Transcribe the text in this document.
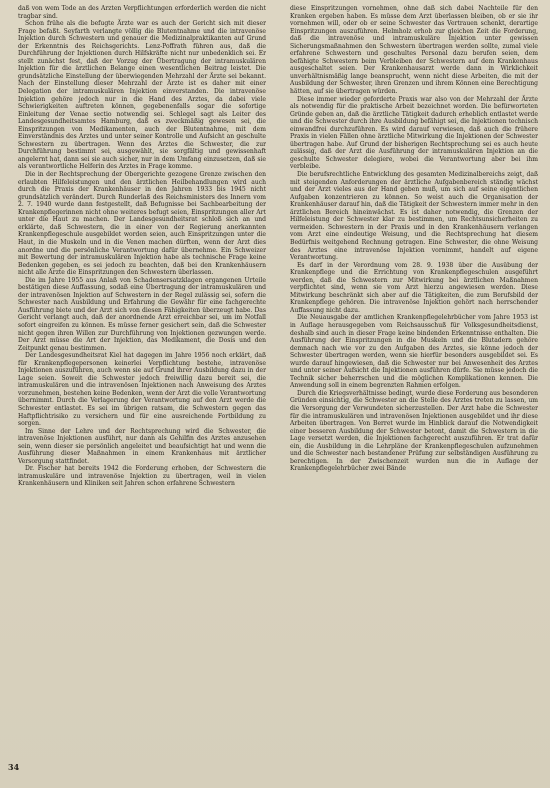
daß von wem Tode an des Ärzten Verpflichtungen erforderlich werden die nicht tragbar sind.

Schon frühe als die befugte Ärzte war es auch der Gericht sich mit dieser Frage befaßt. Seyfarth verlangte völlig die Blutentnahme und die intravenöse Injektion durch Schwestern und genauer die Medizinalpraktikanten auf Grund der Erkenntnis des Reichsgerichts. Lenz-Poffrath führen aus, daß die Durchführung der Injektionen durch Hilfskräfte nicht nur unbedenklich sei. Er stellt zunächst fest, daß der Vorzug der Übertragung der intramuskulären Injektion für die ärztlichen Belange einen wesentlichen Beitrag leistet. Die grundsätzliche Einstellung der überwiegenden Mehrzahl der Ärzte sei bekannt. Nach der Einstellung dieser Mehrzahl der Ärzte ist es daher mit einer Delegation der intramuskulären Injektion einverstanden. Die intravenöse Injektion gehöre jedoch nur in die Hand des Arztes, da dabei viele Schwierigkeiten auftreten können, gegebenenfalls sogar die sofortige Einleitung der Venae sectio notwendig sei. Schlegel sagt als Leiter des Landesgesundheitsamtes Hamburg, daß es zweckmäßig gewesen sei, die Einspritzungen von Medikamenten, auch der Blutentnahme, mit dem Einverständnis des Arztes und unter seiner Kontrolle und Aufsicht an geschulte Schwestern zu übertragen. Wenn des Arztes die Schwester, die zur Durchführung bestimmt sei, ausgewählt, sie sorgfältig und gewissenhaft angelernt hat, dann sei sie auch sicher, nur in dem Umfang einzusetzen, daß sie als verantwortliche Helferin des Arztes in Frage komme.

Die in der Rechtsprechung der Obergerichte gezogene Grenze zwischen den erlaubten Hilfeleistungen und den ärztlichen Heilbehandlungen wird auch durch die Praxis der Krankenhäuser in den Jahren 1933 bis 1945 nicht grundsätzlich verändert. Durch Runderlaß des Reichsministers des Innern vom 2. 7. 1940 wurde dann festgestellt, daß Befugnisse bei Sachbearbeitung der Krankenpflegerinnen nicht ohne weiteres befugt seien, Einspritzungen aller Art unter die Haut zu machen. Der Landesgesundheitsrat schloß sich an und erklärte, daß Schwestern, die in einer von der Regierung anerkannten Krankenpflegeschule ausgebildet worden seien, auch Einspritzungen unter die Haut, in die Muskeln und in die Venen machen dürften, wenn der Arzt dies anordne und die persönliche Verantwortung dafür übernehme. Ein Schweizer mit Bewertung der intramuskulären Injektion habe als technische Frage keine Bedenken gegeben, es sei jedoch zu beachten, daß bei den Krankenhäusern nicht alle Ärzte die Einspritzungen den Schwestern überlassen.

Die im Jahre 1955 aus Anlaß von Schadensersatzklagen ergangenen Urteile bestätigen diese Auffassung, sodaß eine Übertragung der intramuskulären und der intravenösen Injektion auf Schwestern in der Regel zulässig sei, sofern die Schwester nach Ausbildung und Erfahrung die Gewähr für eine fachgerechte Ausführung biete und der Arzt sich von diesen Fähigkeiten überzeugt habe. Das Gericht verlangt auch, daß der anordnende Arzt erreichbar sei, um im Notfall sofort eingreifen zu können. Es müsse ferner gesichert sein, daß die Schwester nicht gegen ihren Willen zur Durchführung von Injektionen gezwungen werde. Der Arzt müsse die Art der Injektion, das Medikament, die Dosis und den Zeitpunkt genau bestimmen.

Der Landesgesundheitsrat Kiel hat dagegen im Jahre 1956 noch erklärt, daß für Krankenpflegepersonen keinerlei Verpflichtung bestehe, intravenöse Injektionen auszuführen, auch wenn sie auf Grund ihrer Ausbildung dazu in der Lage seien. Soweit die Schwester jedoch freiwillig dazu bereit sei, die intramuskulären und die intravenösen Injektionen nach Anweisung des Arztes vorzunehmen, bestehen keine Bedenken, wenn der Arzt die volle Verantwortung übernimmt. Durch die Verlagerung der Verantwortung auf den Arzt werde die Schwester entlastet. Es sei im übrigen ratsam, die Schwestern gegen das Haftpflichtrisiko zu versichern und für eine ausreichende Fortbildung zu sorgen.

Im Sinne der Lehre und der Rechtsprechung wird die Schwester, die intravenöse Injektionen ausführt, nur dann als Gehilfin des Arztes anzusehen sein, wenn dieser sie persönlich angeleitet und beaufsichtigt hat und wenn die Ausführung dieser Maßnahmen in einem Krankenhaus mit ärztlicher Versorgung stattfindet.

Dr. Fischer hat bereits 1942 die Forderung erhoben, der Schwestern die intramuskuläre und intravenöse Injektion zu übertragen, weil in vielen Krankenhäusern und Kliniken seit Jahren schon erfahrene Schwestern

diese Einspritzungen vornehmen, ohne daß sich dabei Nachteile für den Kranken ergeben haben. Es müsse dem Arzt überlassen bleiben, ob er sie ihr vornehmen will, oder ob er seine Schwester das Vertrauen schenkt, derartige Einspritzungen auszuführen. Helmholz erhob zur gleichen Zeit die Forderung, daß die intravenöse und intramuskuläre Injektion unter gewissen Sicherungsmaßnahmen den Schwestern übertragen werden sollte, zumal viele erfahrene Schwestern und geschultes Personal dazu berufen seien, dem befähigte Schwestern beim Verbleiben der Schwestern auf dem Krankenhaus ausgeschaltet seien. Der Krankenhausarzt werde dann in Wirklichkeit unverhältnismäßig lange beansprucht, wenn nicht diese Arbeiten, die mit der Ausbildung der Schwester, ihren Grenzen und ihrem Können eine Berechtigung hätten, auf sie übertragen würden.

Diese immer wieder geforderte Praxis war also von der Mehrzahl der Ärzte als notwendig für die praktische Arbeit bezeichnet worden. Die befürworteten Gründe geben an, daß die ärztliche Tätigkeit dadurch erheblich entlastet werde und die Schwester durch ihre Ausbildung befähigt sei, die Injektionen technisch einwandfrei durchzuführen. Es wird darauf verwiesen, daß auch die frühere Praxis in vielen Fällen ohne ärztliche Mitwirkung die Injektionen der Schwester übertragen habe. Auf Grund der bisherigen Rechtsprechung sei es auch heute zulässig, daß der Arzt die Ausführung der intramuskulären Injektion an die geschulte Schwester delegiere, wobei die Verantwortung aber bei ihm verbleibe.

Die berufsrechtliche Entwicklung des gesamten Medizinalbereichs zeigt, daß mit steigenden Anforderungen der ärztliche Aufgabenbereich ständig wächst und der Arzt vieles aus der Hand geben muß, um sich auf seine eigentlichen Aufgaben konzentrieren zu können. So weist auch die Organisation der Krankenhäuser darauf hin, daß die Tätigkeit der Schwestern immer mehr in den ärztlichen Bereich hineinwächst. Es ist daher notwendig, die Grenzen der Hilfeleistung der Schwester klar zu bestimmen, um Rechtsunsicherheiten zu vermeiden. Schwestern in der Praxis und in den Krankenhäusern verlangen vom Arzt eine eindeutige Weisung, und die Rechtsprechung hat diesem Bedürfnis weitgehend Rechnung getragen. Eine Schwester, die ohne Weisung des Arztes eine intravenöse Injektion vornimmt, handelt auf eigene Verantwortung.

Es darf in der Verordnung vom 28. 9. 1938 über die Ausübung der Krankenpflege und die Errichtung von Krankenpflegeschulen ausgeführt werden, daß die Schwestern zur Mitwirkung bei ärztlichen Maßnahmen verpflichtet sind, wenn sie vom Arzt hierzu angewiesen werden. Diese Mitwirkung beschränkt sich aber auf die Tätigkeiten, die zum Berufsbild der Krankenpflege gehören. Die intravenöse Injektion gehört nach herrschender Auffassung nicht dazu.

Die Neuausgabe der amtlichen Krankenpflegelehrbücher vom Jahre 1953 ist in Auflage herausgegeben vom Reichsausschuß für Volksgesundheitsdienst, deshalb sind auch in dieser Frage keine bindenden Erkenntnisse enthalten. Die Ausführung der Einspritzungen in die Muskeln und die Blutadern gehöre demnach nach wie vor zu den Aufgaben des Arztes, sie könne jedoch der Schwester übertragen werden, wenn sie hierfür besonders ausgebildet sei. Es wurde darauf hingewiesen, daß die Schwester nur bei Anwesenheit des Arztes und unter seiner Aufsicht die Injektionen ausführen dürfe. Sie müsse jedoch die Technik sicher beherrschen und die möglichen Komplikationen kennen. Die Anwendung soll in einem begrenzten Rahmen erfolgen.

Durch die Kriegsverhältnisse bedingt, wurde diese Forderung aus besonderen Gründen einsichtig, die Schwester an die Stelle des Arztes treten zu lassen, um die Versorgung der Verwundeten sicherzustellen. Der Arzt habe die Schwester für die intramuskulären und intravenösen Injektionen ausgebildet und ihr diese Arbeiten übertragen. Von Berret wurde im Hinblick darauf die Notwendigkeit einer besseren Ausbildung der Schwester betont, damit die Schwestern in die Lage versetzt werden, die Injektionen fachgerecht auszuführen. Er trat dafür ein, die Ausbildung in die Lehrpläne der Krankenpflegeschulen aufzunehmen und die Schwester nach bestandener Prüfung zur selbständigen Ausführung zu berechtigen. In der Zwischenzeit wurden nun die in Auflage der Krankenpflegelehrbücher zwei Bände

34
